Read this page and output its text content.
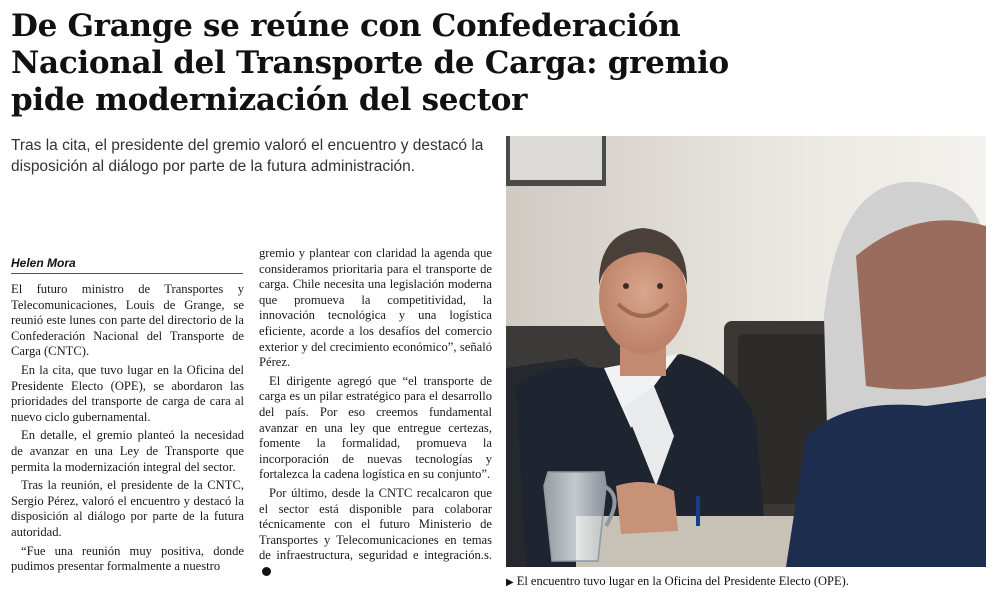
De Grange se reúne con Confederación Nacional del Transporte de Carga: gremio pide modernización del sector

Tras la cita, el presidente del gremio valoró el encuentro y destacó la disposición al diálogo por parte de la futura administración.

Helen Mora

El futuro ministro de Transportes y Telecomunicaciones, Louis de Grange, se reunió este lunes con parte del directorio de la Confederación Nacional del Transporte de Carga (CNTC).

En la cita, que tuvo lugar en la Oficina del Presidente Electo (OPE), se abordaron las prioridades del transporte de carga de cara al nuevo ciclo gubernamental.

En detalle, el gremio planteó la necesidad de avanzar en una Ley de Transporte que permita la modernización integral del sector.

Tras la reunión, el presidente de la CNTC, Sergio Pérez, valoró el encuentro y destacó la disposición al diálogo por parte de la futura autoridad.

“Fue una reunión muy positiva, donde pudimos presentar formalmente a nuestro

gremio y plantear con claridad la agenda que consideramos prioritaria para el transporte de carga. Chile necesita una legislación moderna que promueva la competitividad, la innovación tecnológica y una logística eficiente, acorde a los desafíos del comercio exterior y del crecimiento económico”, señaló Pérez.

El dirigente agregó que “el transporte de carga es un pilar estratégico para el desarrollo del país. Por eso creemos fundamental avanzar en una ley que entregue certezas, fomente la formalidad, promueva la incorporación de nuevas tecnologías y fortalezca la cadena logística en su conjunto”.

Por último, desde la CNTC recalcaron que el sector está disponible para colaborar técnicamente con el futuro Ministerio de Transportes y Telecomunicaciones en temas de infraestructura, seguridad e integración.s.

▶ El encuentro tuvo lugar en la Oficina del Presidente Electo (OPE).
